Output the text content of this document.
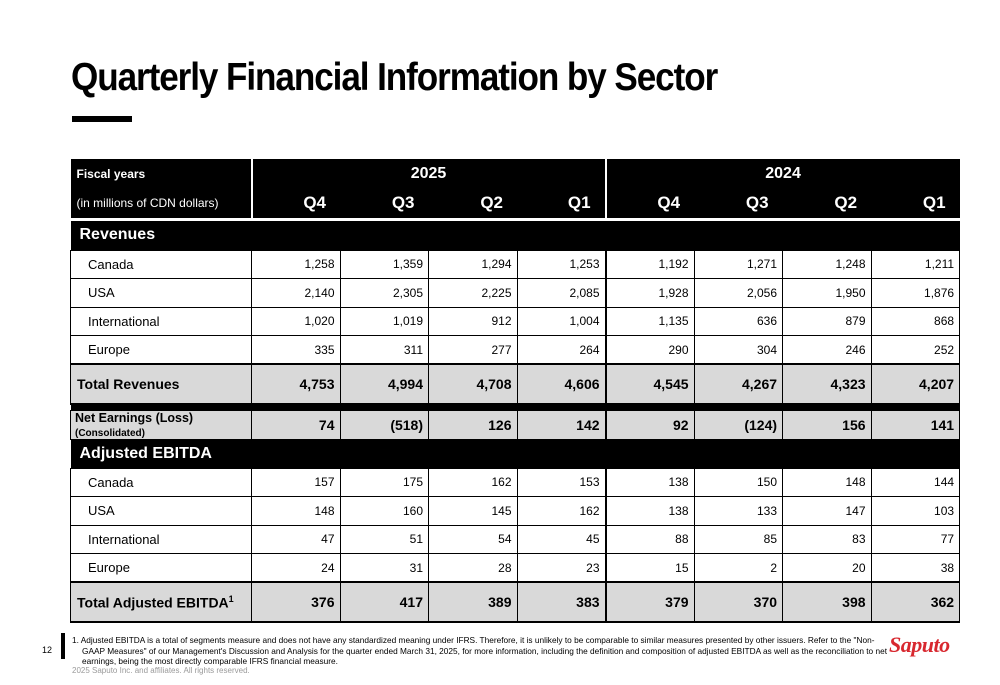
Quarterly Financial Information by Sector
Fiscal years	2025				2024			
(in millions of CDN dollars)	Q4	Q3	Q2	Q1	Q4	Q3	Q2	Q1

Revenues								
Canada	1,258	1,359	1,294	1,253	1,192	1,271	1,248	1,211
USA	2,140	2,305	2,225	2,085	1,928	2,056	1,950	1,876
International	1,020	1,019	912	1,004	1,135	636	879	868
Europe	335	311	277	264	290	304	246	252
Total Revenues	4,753	4,994	4,708	4,606	4,545	4,267	4,323	4,207

Net Earnings (Loss) (Consolidated)	74	(518)	126	142	92	(124)	156	141
Adjusted EBITDA								
Canada	157	175	162	153	138	150	148	144
USA	148	160	145	162	138	133	147	103
International	47	51	54	45	88	85	83	77
Europe	24	31	28	23	15	2	20	38
Total Adjusted EBITDA$^1$	376	417	389	383	379	370	398	362
12
1. Adjusted EBITDA is a total of segments measure and does not have any standardized meaning under IFRS. Therefore, it is unlikely to be comparable to similar measures presented by other issuers. Refer to the "Non-GAAP Measures" of our Management's Discussion and Analysis for the quarter ended March 31, 2025, for more information, including the definition and composition of adjusted EBITDA as well as the reconciliation to net earnings, being the most directly comparable IFRS financial measure.
2025 Saputo Inc. and affiliates. All rights reserved.
Saputo
